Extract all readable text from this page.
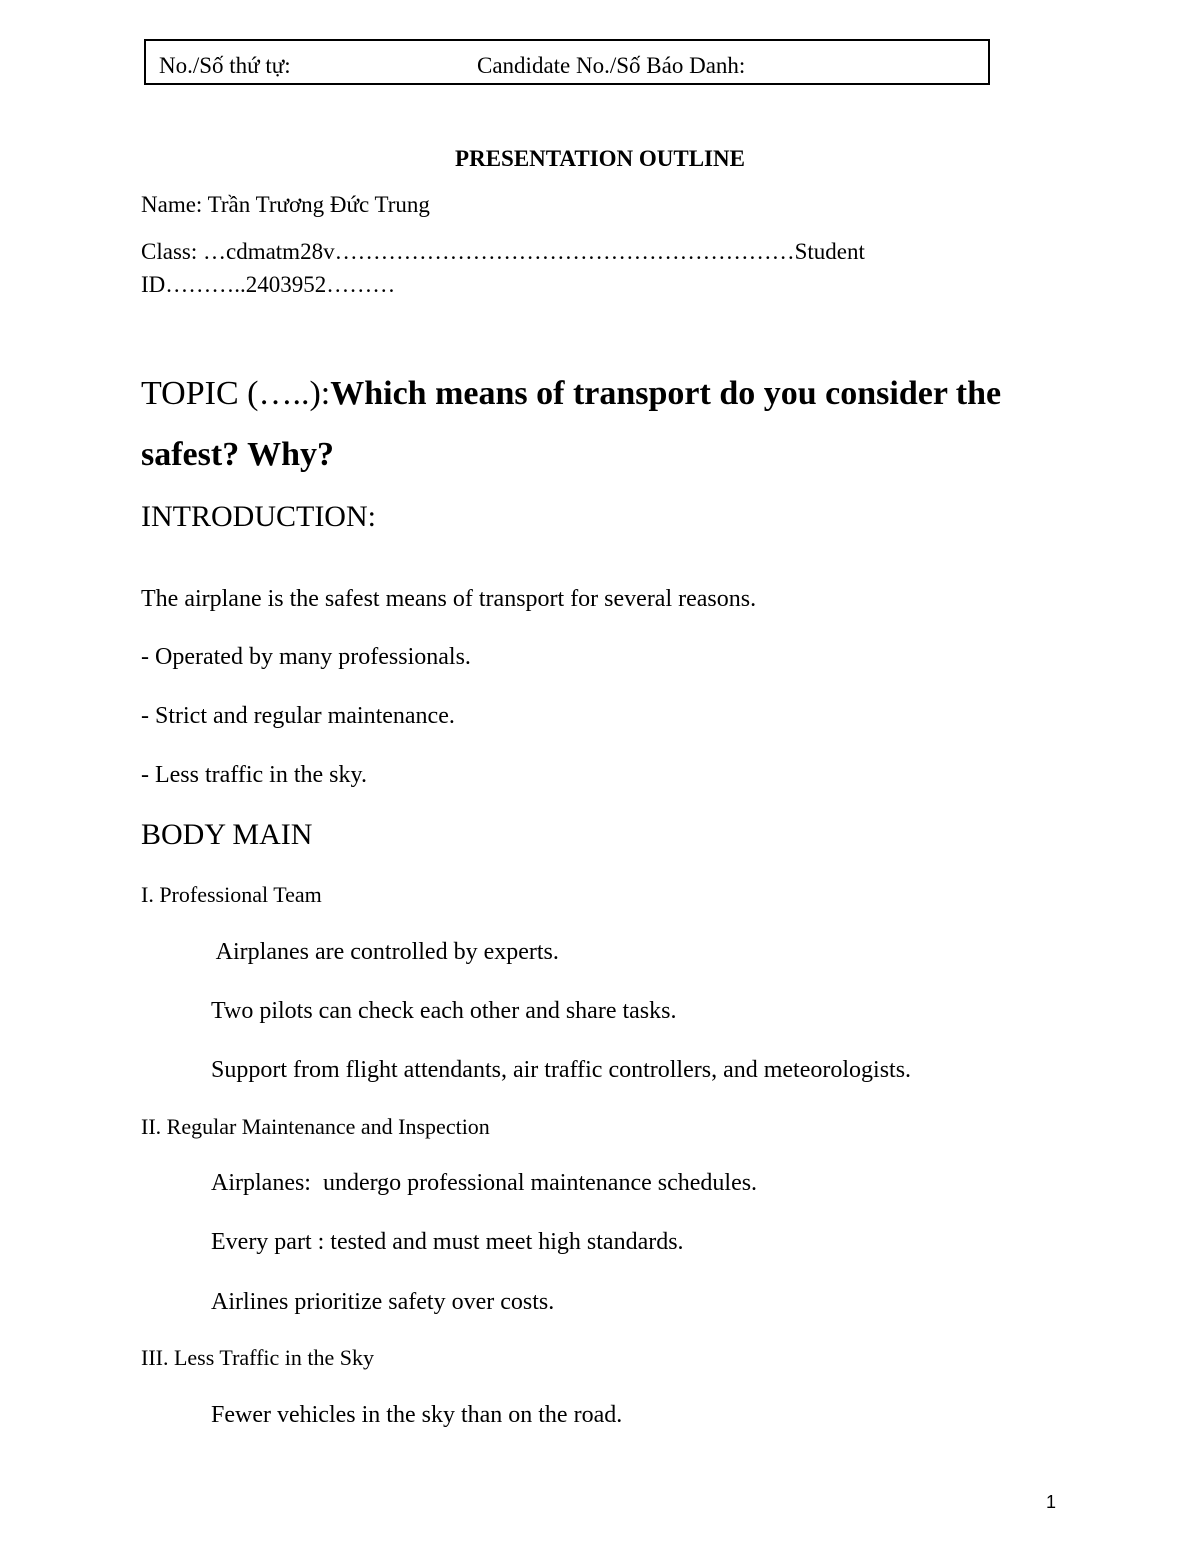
No./Số thứ tự:	Candidate No./Số Báo Danh:
PRESENTATION OUTLINE
Name: Trần Trương Đức Trung
Class: …cdmatm28v……………………………………………………Student
ID………..2403952………
TOPIC (…..):Which means of transport do you consider the safest? Why?
INTRODUCTION:
The airplane is the safest means of transport for several reasons.
- Operated by many professionals.
- Strict and regular maintenance.
- Less traffic in the sky.
BODY MAIN
I. Professional Team
Airplanes are controlled by experts.
Two pilots can check each other and share tasks.
Support from flight attendants, air traffic controllers, and meteorologists.
II. Regular Maintenance and Inspection
Airplanes:  undergo professional maintenance schedules.
Every part : tested and must meet high standards.
Airlines prioritize safety over costs.
III. Less Traffic in the Sky
Fewer vehicles in the sky than on the road.
1
